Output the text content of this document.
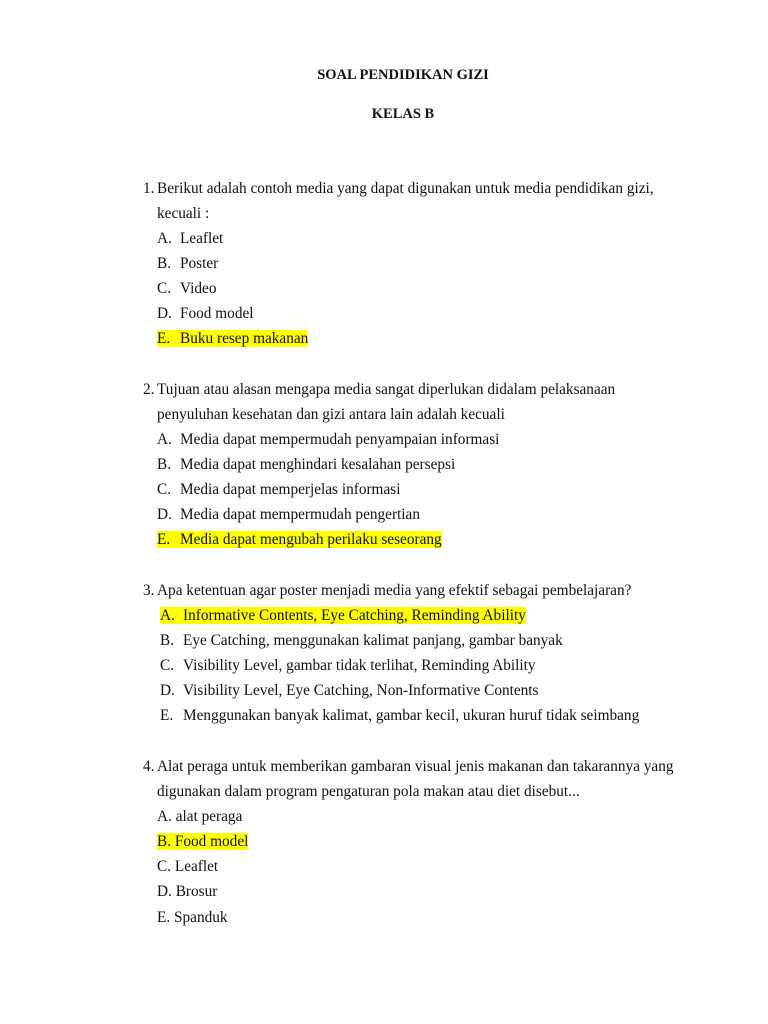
SOAL PENDIDIKAN GIZI
KELAS B
1. Berikut adalah contoh media yang dapat digunakan untuk media pendidikan gizi,
kecuali :
A. Leaflet
B. Poster
C. Video
D. Food model
E. Buku resep makanan
2. Tujuan atau alasan mengapa media sangat diperlukan didalam pelaksanaan
penyuluhan kesehatan dan gizi antara lain adalah kecuali
A. Media dapat mempermudah penyampaian informasi
B. Media dapat menghindari kesalahan persepsi
C. Media dapat memperjelas informasi
D. Media dapat mempermudah pengertian
E. Media dapat mengubah perilaku seseorang
3. Apa ketentuan agar poster menjadi media yang efektif sebagai pembelajaran?
A. Informative Contents, Eye Catching, Reminding Ability
B. Eye Catching, menggunakan kalimat panjang, gambar banyak
C. Visibility Level, gambar tidak terlihat, Reminding Ability
D. Visibility Level, Eye Catching, Non-Informative Contents
E. Menggunakan banyak kalimat, gambar kecil, ukuran huruf tidak seimbang
4. Alat peraga untuk memberikan gambaran visual jenis makanan dan takarannya yang
digunakan dalam program pengaturan pola makan atau diet disebut...
A. alat peraga
B. Food model
C. Leaflet
D. Brosur
E. Spanduk
